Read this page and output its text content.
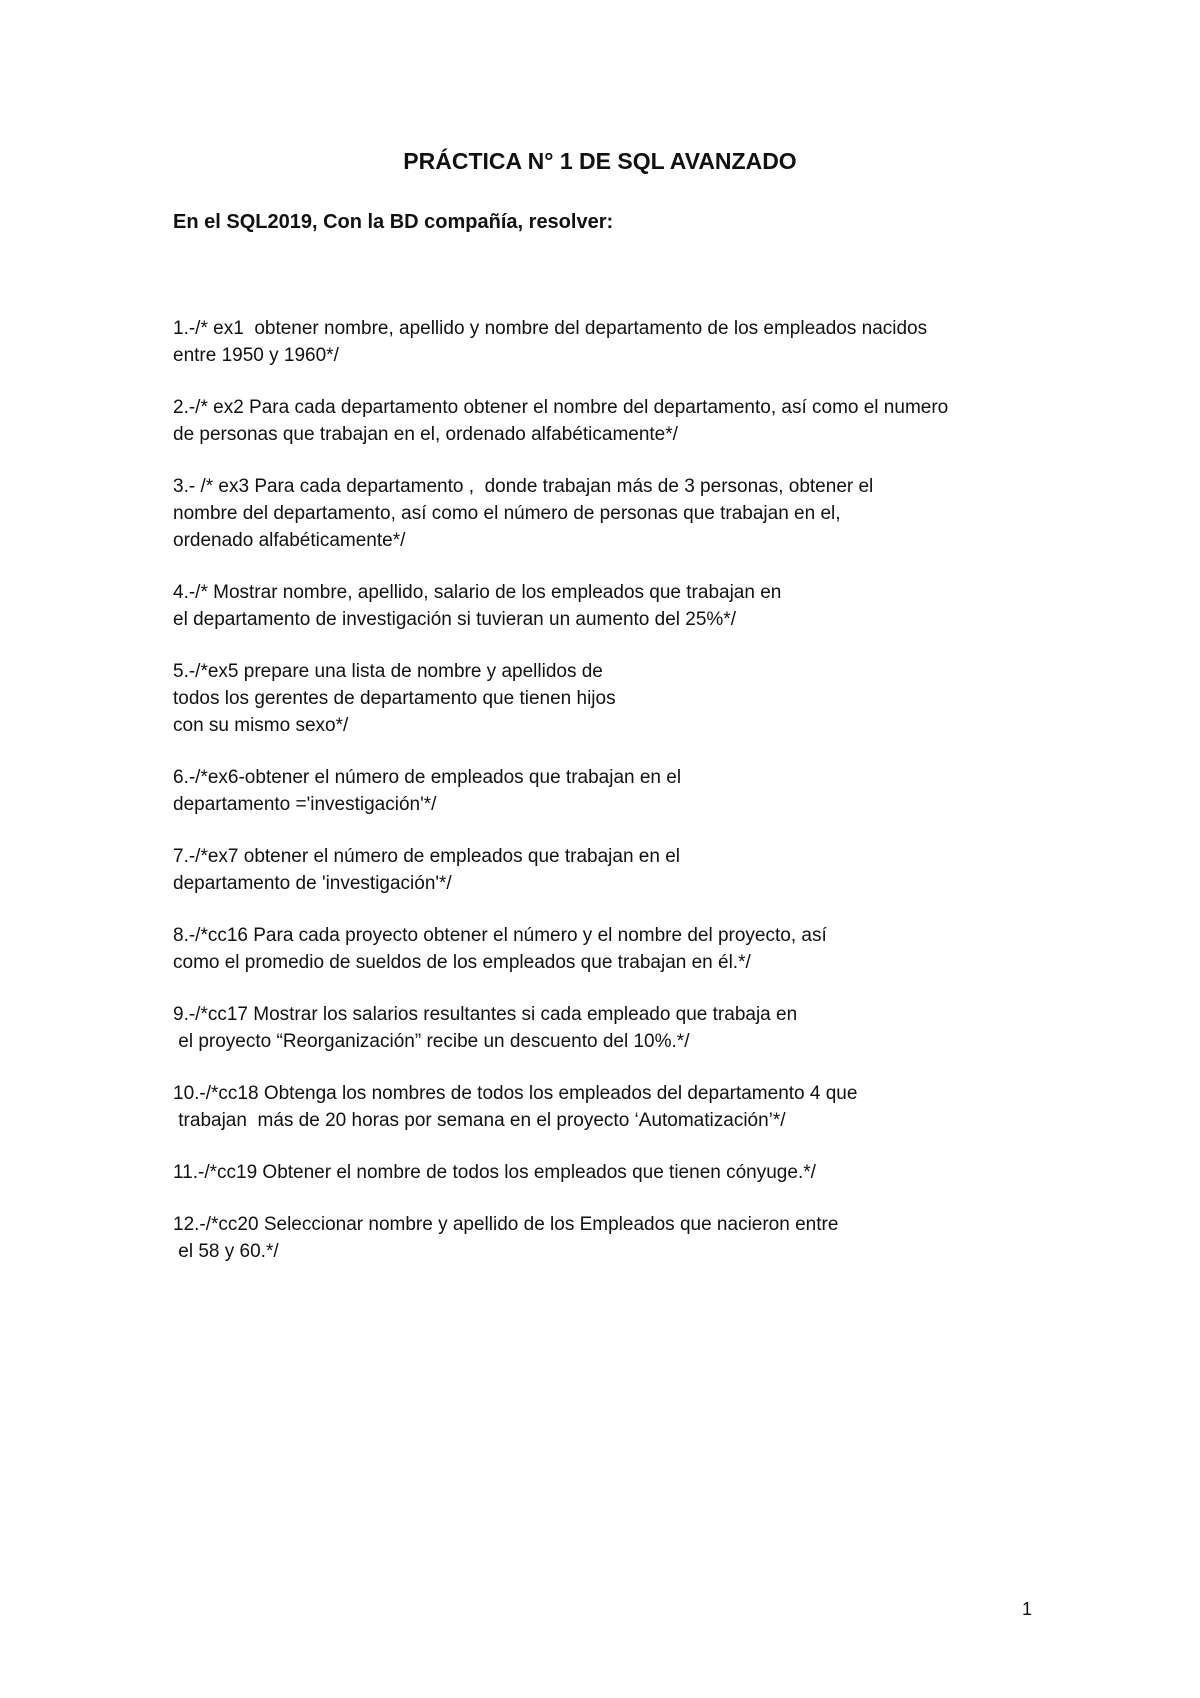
PRÁCTICA N° 1 DE SQL AVANZADO
En el SQL2019, Con la BD compañía, resolver:
1.-/* ex1  obtener nombre, apellido y nombre del departamento de los empleados nacidos
entre 1950 y 1960*/
2.-/* ex2 Para cada departamento obtener el nombre del departamento, así como el numero
de personas que trabajan en el, ordenado alfabéticamente*/
3.- /* ex3 Para cada departamento ,  donde trabajan más de 3 personas, obtener el
nombre del departamento, así como el número de personas que trabajan en el,
ordenado alfabéticamente*/
4.-/* Mostrar nombre, apellido, salario de los empleados que trabajan en
el departamento de investigación si tuvieran un aumento del 25%*/
5.-/*ex5 prepare una lista de nombre y apellidos de
todos los gerentes de departamento que tienen hijos
con su mismo sexo*/
6.-/*ex6-obtener el número de empleados que trabajan en el
departamento ='investigación'*/
7.-/*ex7 obtener el número de empleados que trabajan en el
departamento de 'investigación'*/
8.-/*cc16 Para cada proyecto obtener el número y el nombre del proyecto, así
como el promedio de sueldos de los empleados que trabajan en él.*/
9.-/*cc17 Mostrar los salarios resultantes si cada empleado que trabaja en
el proyecto “Reorganización” recibe un descuento del 10%.*/
10.-/*cc18 Obtenga los nombres de todos los empleados del departamento 4 que
trabajan  más de 20 horas por semana en el proyecto ‘Automatización’*/
11.-/*cc19 Obtener el nombre de todos los empleados que tienen cónyuge.*/
12.-/*cc20 Seleccionar nombre y apellido de los Empleados que nacieron entre
el 58 y 60.*/
1
